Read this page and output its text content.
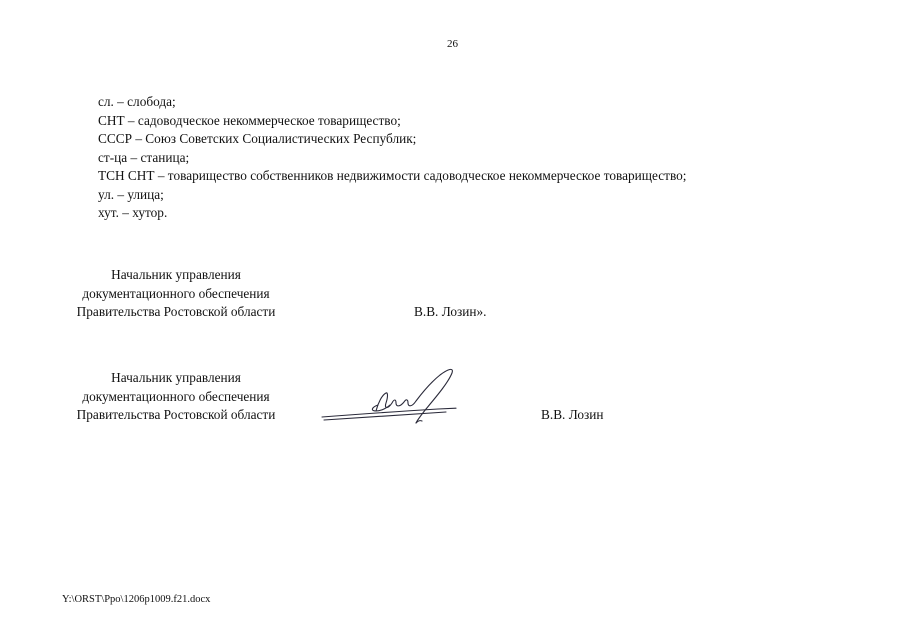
26
сл. – слобода;
СНТ – садоводческое некоммерческое товарищество;
СССР – Союз Советских Социалистических Республик;
ст-ца – станица;
ТСН СНТ – товарищество собственников недвижимости садоводческое некоммерческое товарищество;
ул. – улица;
хут. – хутор.
Начальник управления
документационного обеспечения
Правительства Ростовской области	В.В. Лозин».
Начальник управления
документационного обеспечения
Правительства Ростовской области	В.В. Лозин
Y:\ORST\Ppo\1206p1009.f21.docx
